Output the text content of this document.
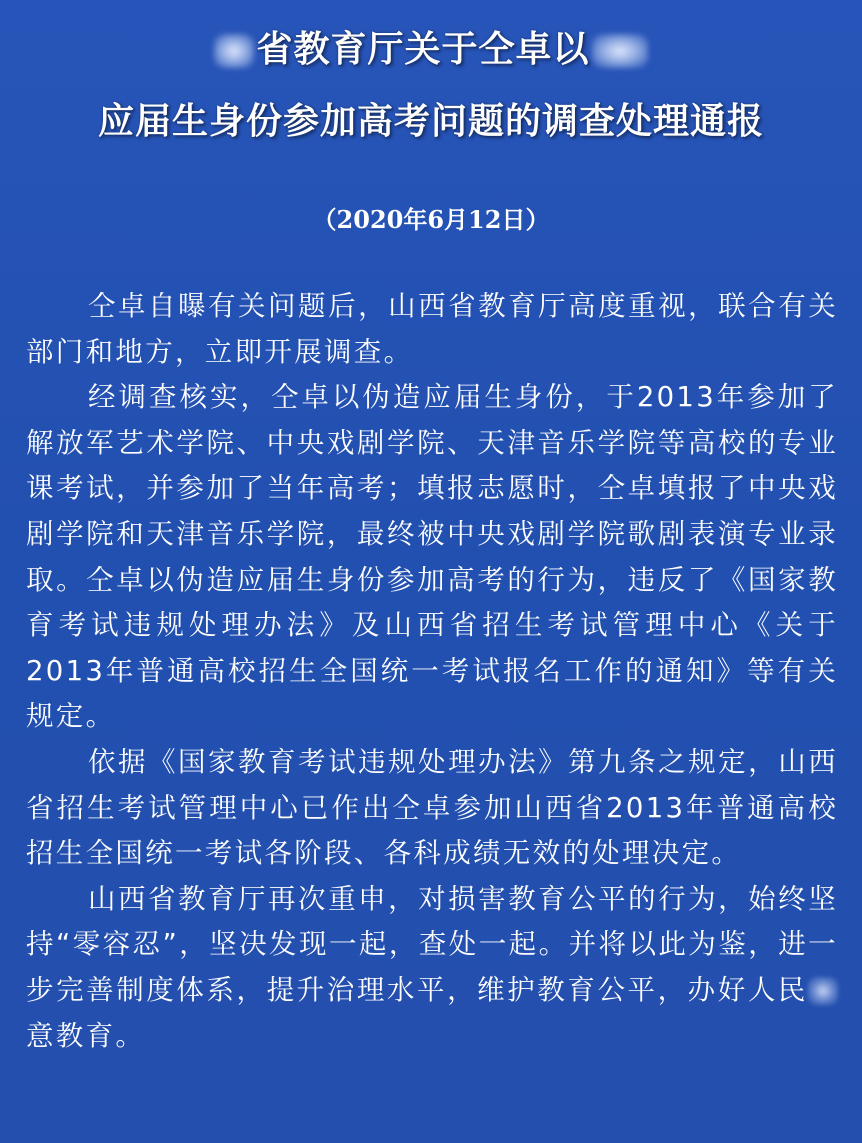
省教育厅关于仝卓以
应届生身份参加高考问题的调查处理通报
（2020年6月12日）

仝卓自曝有关问题后，山西省教育厅高度重视，联合有关部门和地方，立即开展调查。

经调查核实，仝卓以伪造应届生身份，于2013年参加了解放军艺术学院、中央戏剧学院、天津音乐学院等高校的专业课考试，并参加了当年高考；填报志愿时，仝卓填报了中央戏剧学院和天津音乐学院，最终被中央戏剧学院歌剧表演专业录取。仝卓以伪造应届生身份参加高考的行为，违反了《国家教育考试违规处理办法》及山西省招生考试管理中心《关于2013年普通高校招生全国统一考试报名工作的通知》等有关规定。

依据《国家教育考试违规处理办法》第九条之规定，山西省招生考试管理中心已作出仝卓参加山西省2013年普通高校招生全国统一考试各阶段、各科成绩无效的处理决定。

山西省教育厅再次重申，对损害教育公平的行为，始终坚持“零容忍”，坚决发现一起，查处一起。并将以此为鉴，进一步完善制度体系，提升治理水平，维护教育公平，办好人民意教育。
